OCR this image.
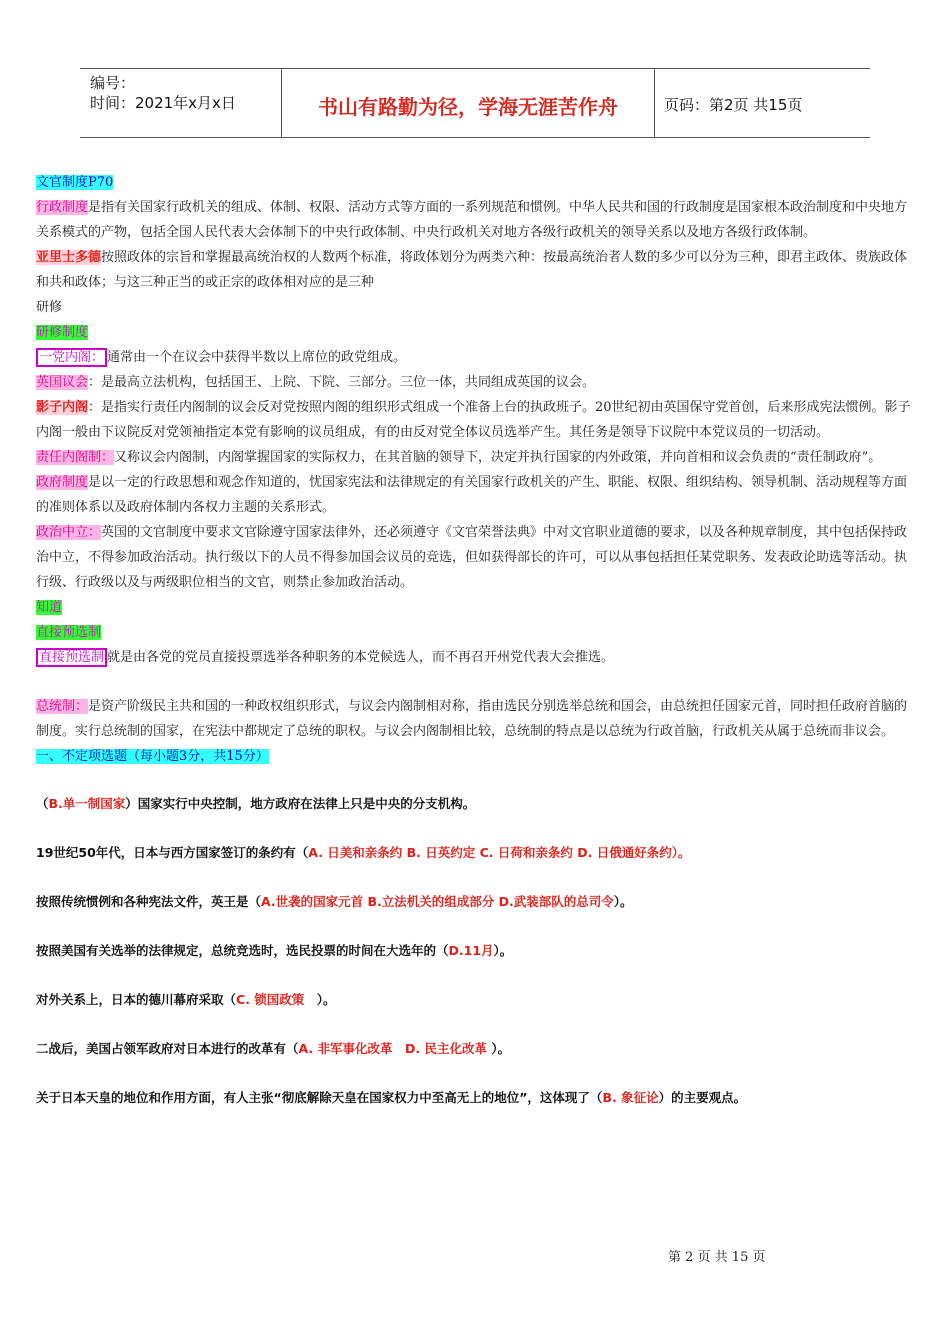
编号：
时间：2021年x月x日	书山有路勤为径，学海无涯苦作舟	页码：第2页 共15页

文官制度P70

行政制度是指有关国家行政机关的组成、体制、权限、活动方式等方面的一系列规范和惯例。中华人民共和国的行政制度是国家根本政治制度和中央地方关系模式的产物，包括全国人民代表大会体制下的中央行政体制、中央行政机关对地方各级行政机关的领导关系以及地方各级行政体制。

亚里士多德按照政体的宗旨和掌握最高统治权的人数两个标准，将政体划分为两类六种：按最高统治者人数的多少可以分为三种，即君主政体、贵族政体和共和政体；与这三种正当的或正宗的政体相对应的是三种

研修

研修制度

一党内阁： 通常由一个在议会中获得半数以上席位的政党组成。

英国议会：是最高立法机构，包括国王、上院、下院、三部分。三位一体，共同组成英国的议会。

影子内阁：是指实行责任内阁制的议会反对党按照内阁的组织形式组成一个准备上台的执政班子。20世纪初由英国保守党首创，后来形成宪法惯例。影子内阁一般由下议院反对党领袖指定本党有影响的议员组成，有的由反对党全体议员选举产生。其任务是领导下议院中本党议员的一切活动。

责任内阁制：又称议会内阁制，内阁掌握国家的实际权力，在其首脑的领导下，决定并执行国家的内外政策，并向首相和议会负责的“责任制政府”。

政府制度是以一定的行政思想和观念作知道的，忧国家宪法和法律规定的有关国家行政机关的产生、职能、权限、组织结构、领导机制、活动规程等方面的准则体系以及政府体制内各权力主题的关系形式。

政治中立：英国的文官制度中要求文官除遵守国家法律外，还必须遵守《文官荣誉法典》中对文官职业道德的要求，以及各种规章制度，其中包括保持政治中立，不得参加政治活动。执行级以下的人员不得参加国会议员的竞选，但如获得部长的许可，可以从事包括担任某党职务、发表政论助选等活动。执行级、行政级以及与两级职位相当的文官，则禁止参加政治活动。

知道

直接预选制

直接预选制 就是由各党的党员直接投票选举各种职务的本党候选人，而不再召开州党代表大会推选。

总统制：是资产阶级民主共和国的一种政权组织形式，与议会内阁制相对称，指由选民分别选举总统和国会，由总统担任国家元首，同时担任政府首脑的制度。实行总统制的国家，在宪法中都规定了总统的职权。与议会内阁制相比较，总统制的特点是以总统为行政首脑，行政机关从属于总统而非议会。

一、不定项选题（每小题3分，共15分）

（B.单一制国家）国家实行中央控制，地方政府在法律上只是中央的分支机构。

19世纪50年代，日本与西方国家签订的条约有（A. 日美和亲条约 B. 日英约定 C. 日荷和亲条约 D. 日俄通好条约）。

按照传统惯例和各种宪法文件，英王是（A.世袭的国家元首 B.立法机关的组成部分 D.武装部队的总司令）。

按照美国有关选举的法律规定，总统竞选时，选民投票的时间在大选年的（D.11月）。

对外关系上，日本的德川幕府采取（C. 锁国政策　）。

二战后，美国占领军政府对日本进行的改革有（A. 非军事化改革　D. 民主化改革 ）。

关于日本天皇的地位和作用方面，有人主张“彻底解除天皇在国家权力中至高无上的地位”，这体现了（B. 象征论）的主要观点。

第 2 页 共 15 页
